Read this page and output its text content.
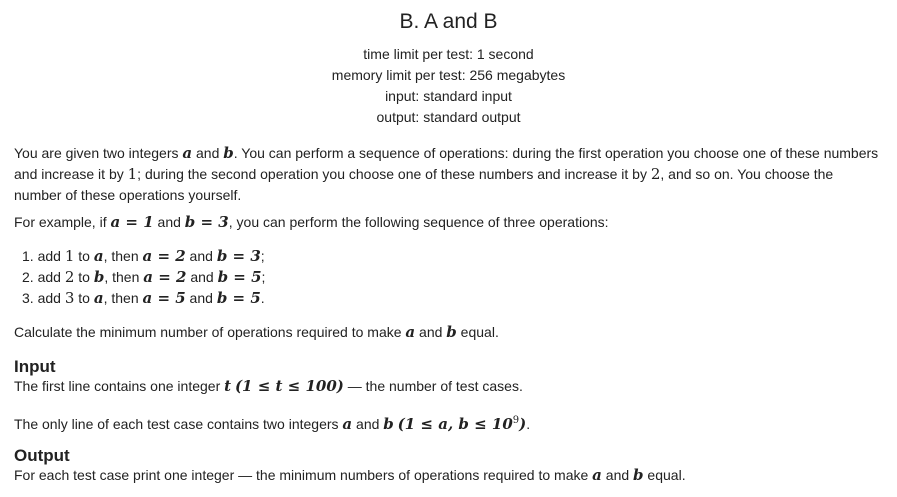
B. A and B
time limit per test: 1 second
memory limit per test: 256 megabytes
input: standard input
output: standard output

You are given two integers a and b. You can perform a sequence of operations: during the first operation you choose one of these numbers and increase it by 1; during the second operation you choose one of these numbers and increase it by 2, and so on. You choose the number of these operations yourself.

For example, if a = 1 and b = 3, you can perform the following sequence of three operations:

1. add 1 to a, then a = 2 and b = 3;
2. add 2 to b, then a = 2 and b = 5;
3. add 3 to a, then a = 5 and b = 5.

Calculate the minimum number of operations required to make a and b equal.

Input

The first line contains one integer t (1 ≤ t ≤ 100) — the number of test cases.

The only line of each test case contains two integers a and b (1 ≤ a, $b \le 10^9$).

Output

For each test case print one integer — the minimum numbers of operations required to make a and b equal.
